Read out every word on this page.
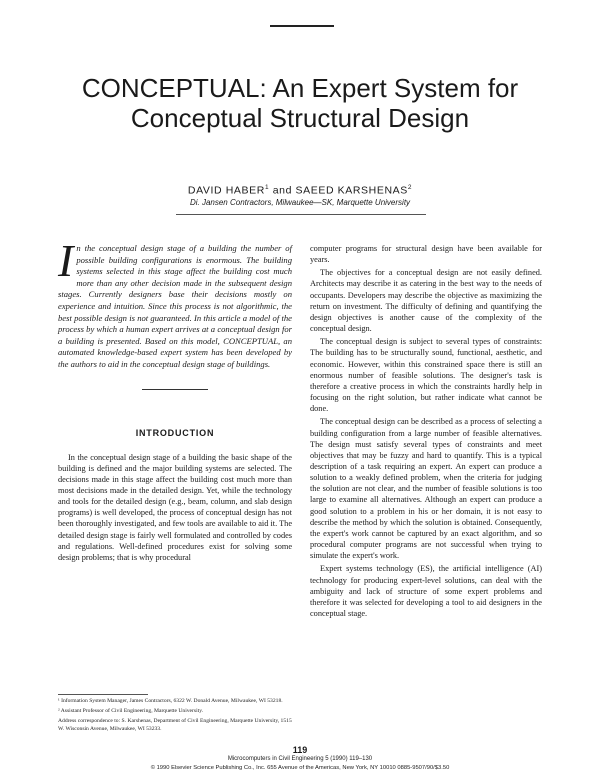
CONCEPTUAL: An Expert System for Conceptual Structural Design
DAVID HABER$^1$ and SAEED KARSHENAS$^2$
Di. Jansen Contractors, Milwaukee—SK, Marquette University

In the conceptual design stage of a building the number of possible building configurations is enormous. The building systems selected in this stage affect the building cost much more than any other decision made in the subsequent design stages. Currently designers base their decisions mostly on experience and intuition. Since this process is not algorithmic, the best possible design is not guaranteed. In this article a model of the process by which a human expert arrives at a conceptual design for a building is presented. Based on this model, CONCEPTUAL, an automated knowledge-based expert system has been developed by the authors to aid in the conceptual design stage of buildings.

INTRODUCTION

In the conceptual design stage of a building the basic shape of the building is defined and the major building systems are selected. The decisions made in this stage affect the building cost much more than most decisions made in the detailed design. Yet, while the technology and tools for the detailed design (e.g., beam, column, and slab design programs) is well developed, the process of conceptual design has not been thoroughly investigated, and few tools are available to aid it. The detailed design stage is fairly well formulated and controlled by codes and regulations. Well-defined procedures exist for solving some design problems; that is why procedural

computer programs for structural design have been available for years.

The objectives for a conceptual design are not easily defined. Architects may describe it as catering in the best way to the needs of occupants. Developers may describe the objective as maximizing the return on investment. The difficulty of defining and quantifying the design objectives is another cause of the complexity of the conceptual design.

The conceptual design is subject to several types of constraints: The building has to be structurally sound, functional, aesthetic, and economic. However, within this constrained space there is still an enormous number of feasible solutions. The designer's task is therefore a creative process in which the constraints hardly help in focusing on the right solution, but rather indicate what cannot be done.

The conceptual design can be described as a process of selecting a building configuration from a large number of feasible alternatives. The design must satisfy several types of constraints and meet objectives that may be fuzzy and hard to quantify. This is a typical description of a task requiring an expert. An expert can produce a solution to a weakly defined problem, when the criteria for judging the solution are not clear, and the number of feasible solutions is too large to examine all alternatives. Although an expert can produce a good solution to a problem in his or her domain, it is not easy to describe the method by which the solution is obtained. Consequently, the expert's work cannot be captured by an exact algorithm, and so procedural computer programs are not successful when trying to simulate the expert's work.

Expert systems technology (ES), the artificial intelligence (AI) technology for producing expert-level solutions, can deal with the ambiguity and lack of structure of some expert problems and therefore it was selected for developing a tool to aid designers in the conceptual stage.

¹ Information System Manager, James Contractors, 6322 W. Donald Avenue, Milwaukee, WI 53218.

² Assistant Professor of Civil Engineering, Marquette University.

Address correspondence to: S. Karshenas, Department of Civil Engineering, Marquette University, 1515 W. Wisconsin Avenue, Milwaukee, WI 53233.

119
Microcomputers in Civil Engineering 5 (1990) 119–130
© 1990 Elsevier Science Publishing Co., Inc. 655 Avenue of the Americas, New York, NY 10010 0885-9507/90/$3.50
